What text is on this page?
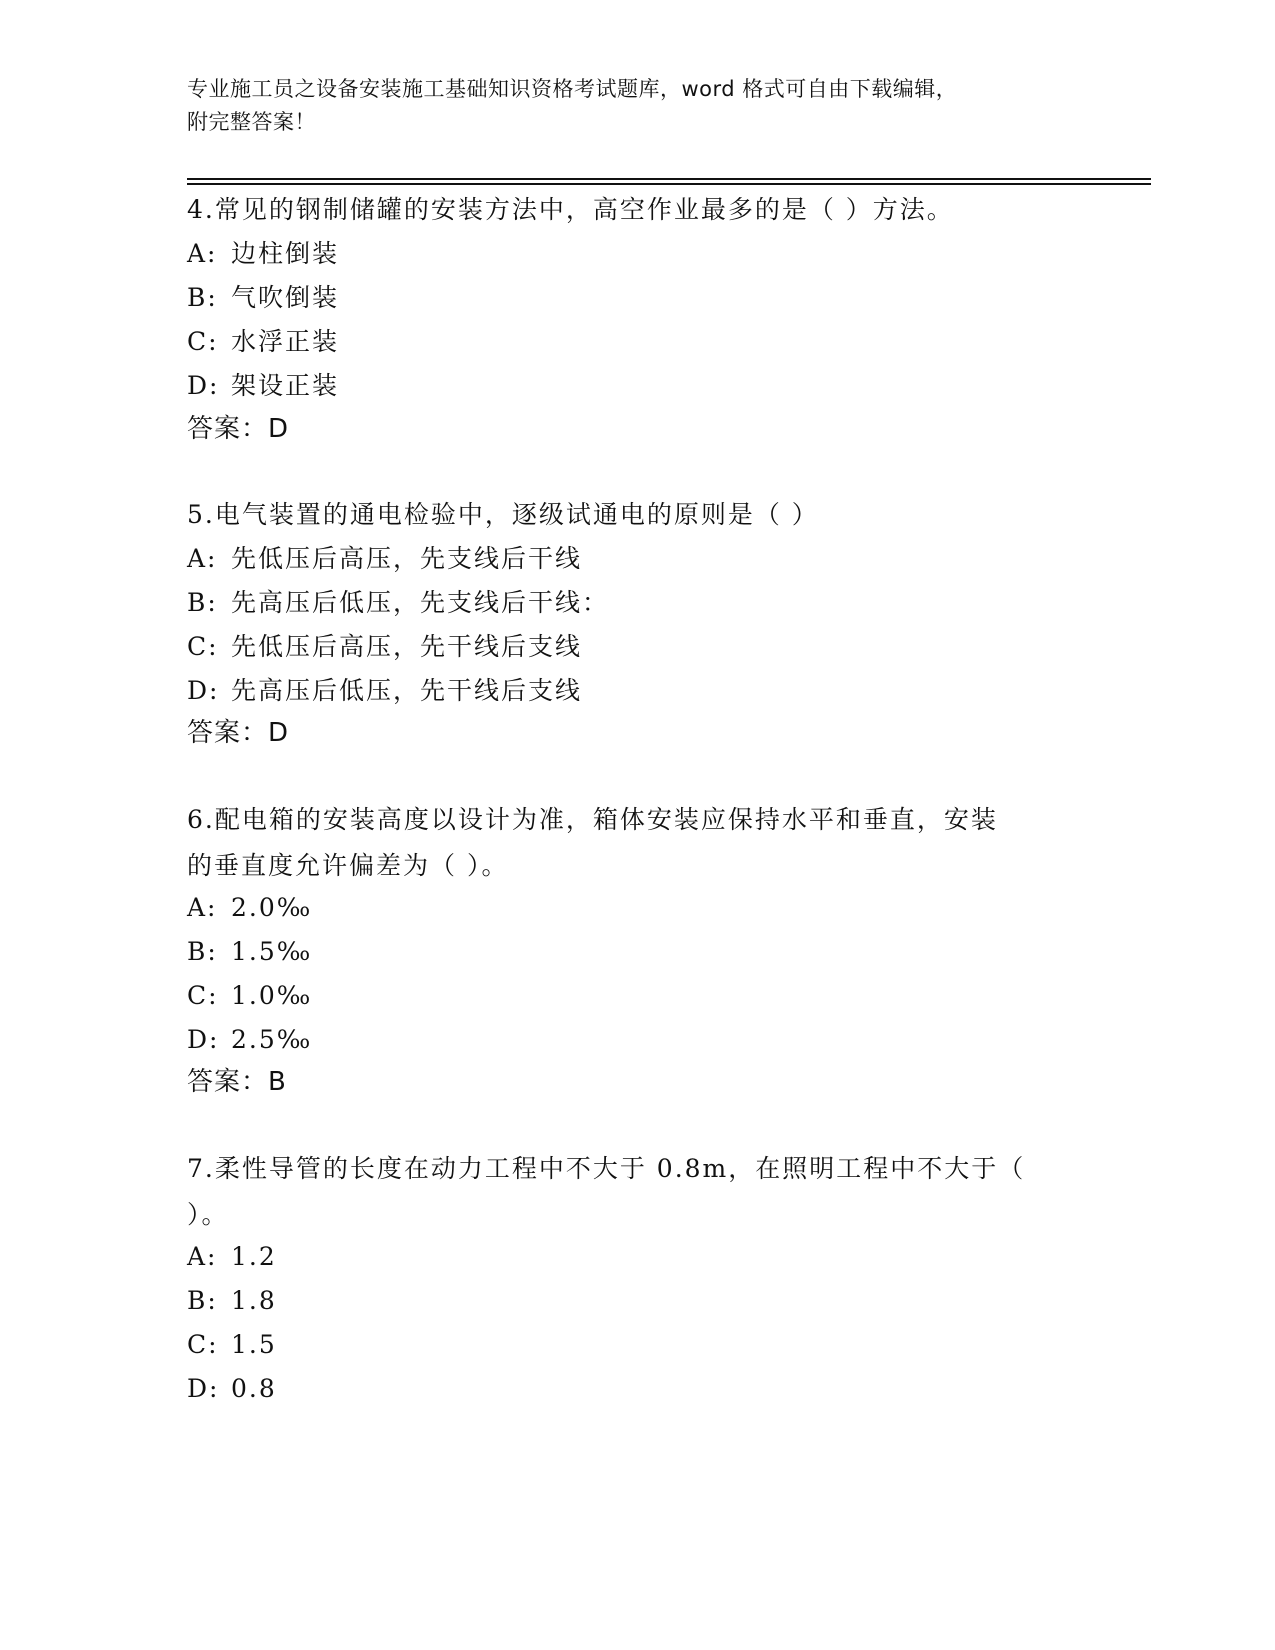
专业施工员之设备安装施工基础知识资格考试题库，word 格式可自由下载编辑，
附完整答案！
4.常见的钢制储罐的安装方法中，高空作业最多的是（ ）方法。
A: 边柱倒装
B: 气吹倒装
C: 水浮正装
D: 架设正装
答案：D
5.电气装置的通电检验中，逐级试通电的原则是（ ）
A: 先低压后高压，先支线后干线
B: 先高压后低压，先支线后干线：
C: 先低压后高压，先干线后支线
D: 先高压后低压，先干线后支线
答案：D
6.配电箱的安装高度以设计为准，箱体安装应保持水平和垂直，安装
的垂直度允许偏差为（ ）。
A: 2.0‰
B: 1.5‰
C: 1.0‰
D: 2.5‰
答案：B
7.柔性导管的长度在动力工程中不大于 0.8m，在照明工程中不大于（
）。
A: 1.2
B: 1.8
C: 1.5
D: 0.8
